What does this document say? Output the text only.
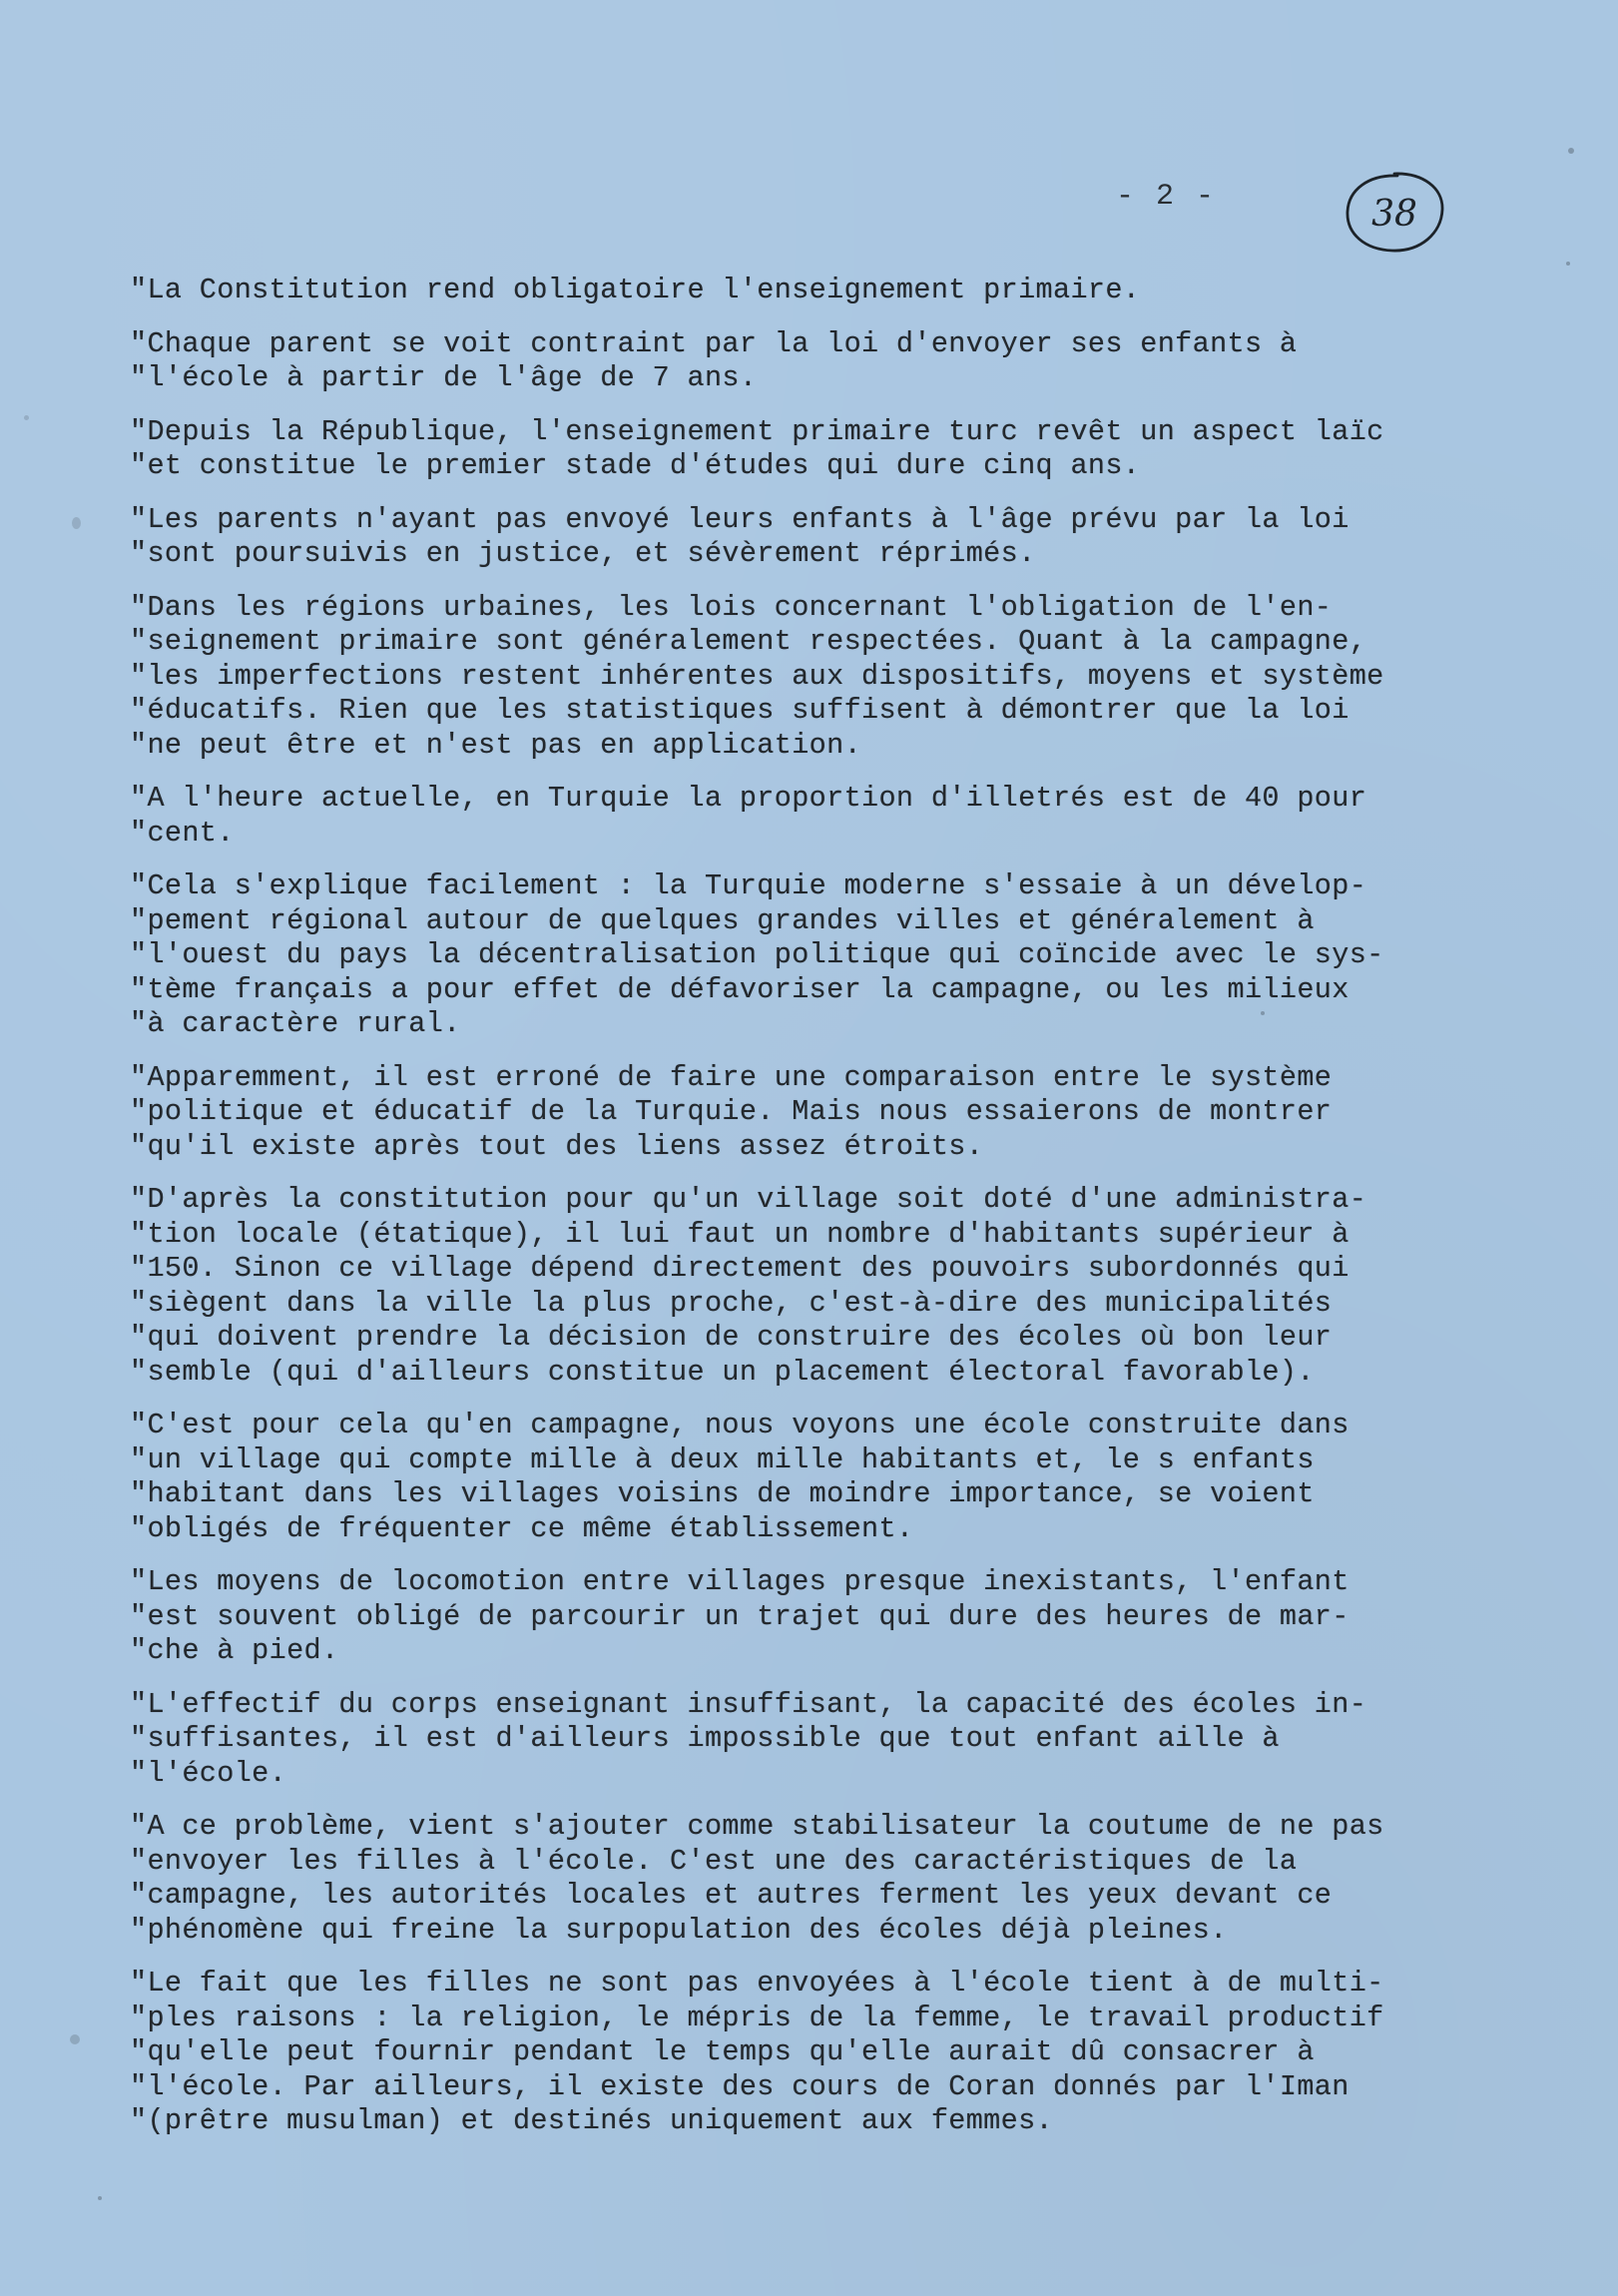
- 2 -	38
"La Constitution rend obligatoire l'enseignement primaire.
"Chaque parent se voit contraint par la loi d'envoyer ses enfants à
"l'école à partir de l'âge de 7 ans.
"Depuis la République, l'enseignement primaire turc revêt un aspect laïc
"et constitue le premier stade d'études qui dure cinq ans.
"Les parents n'ayant pas envoyé leurs enfants à l'âge prévu par la loi
"sont poursuivis en justice, et sévèrement réprimés.
"Dans les régions urbaines, les lois concernant l'obligation de l'en-
"seignement primaire sont généralement respectées. Quant à la campagne,
"les imperfections restent inhérentes aux dispositifs, moyens et système
"éducatifs. Rien que les statistiques suffisent à démontrer que la loi
"ne peut être et n'est pas en application.
"A l'heure actuelle, en Turquie la proportion d'illetrés est de 40 pour
"cent.
"Cela s'explique facilement : la Turquie moderne s'essaie à un dévelop-
"pement régional autour de quelques grandes villes et généralement à
"l'ouest du pays la décentralisation politique qui coïncide avec le sys-
"tème français a pour effet de défavoriser la campagne, ou les milieux
"à caractère rural.
"Apparemment, il est erroné de faire une comparaison entre le système
"politique et éducatif de la Turquie. Mais nous essaierons de montrer
"qu'il existe après tout des liens assez étroits.
"D'après la constitution pour qu'un village soit doté d'une administra-
"tion locale (étatique), il lui faut un nombre d'habitants supérieur à
"150. Sinon ce village dépend directement des pouvoirs subordonnés qui
"siègent dans la ville la plus proche, c'est-à-dire des municipalités
"qui doivent prendre la décision de construire des écoles où bon leur
"semble (qui d'ailleurs constitue un placement électoral favorable).
"C'est pour cela qu'en campagne, nous voyons une école construite dans
"un village qui compte mille à deux mille habitants et, le s enfants
"habitant dans les villages voisins de moindre importance, se voient
"obligés de fréquenter ce même établissement.
"Les moyens de locomotion entre villages presque inexistants, l'enfant
"est souvent obligé de parcourir un trajet qui dure des heures de mar-
"che à pied.
"L'effectif du corps enseignant insuffisant, la capacité des écoles in-
"suffisantes, il est d'ailleurs impossible que tout enfant aille à
"l'école.
"A ce problème, vient s'ajouter comme stabilisateur la coutume de ne pas
"envoyer les filles à l'école. C'est une des caractéristiques de la
"campagne, les autorités locales et autres ferment les yeux devant ce
"phénomène qui freine la surpopulation des écoles déjà pleines.
"Le fait que les filles ne sont pas envoyées à l'école tient à de multi-
"ples raisons : la religion, le mépris de la femme, le travail productif
"qu'elle peut fournir pendant le temps qu'elle aurait dû consacrer à
"l'école. Par ailleurs, il existe des cours de Coran donnés par l'Iman
"(prêtre musulman) et destinés uniquement aux femmes.
